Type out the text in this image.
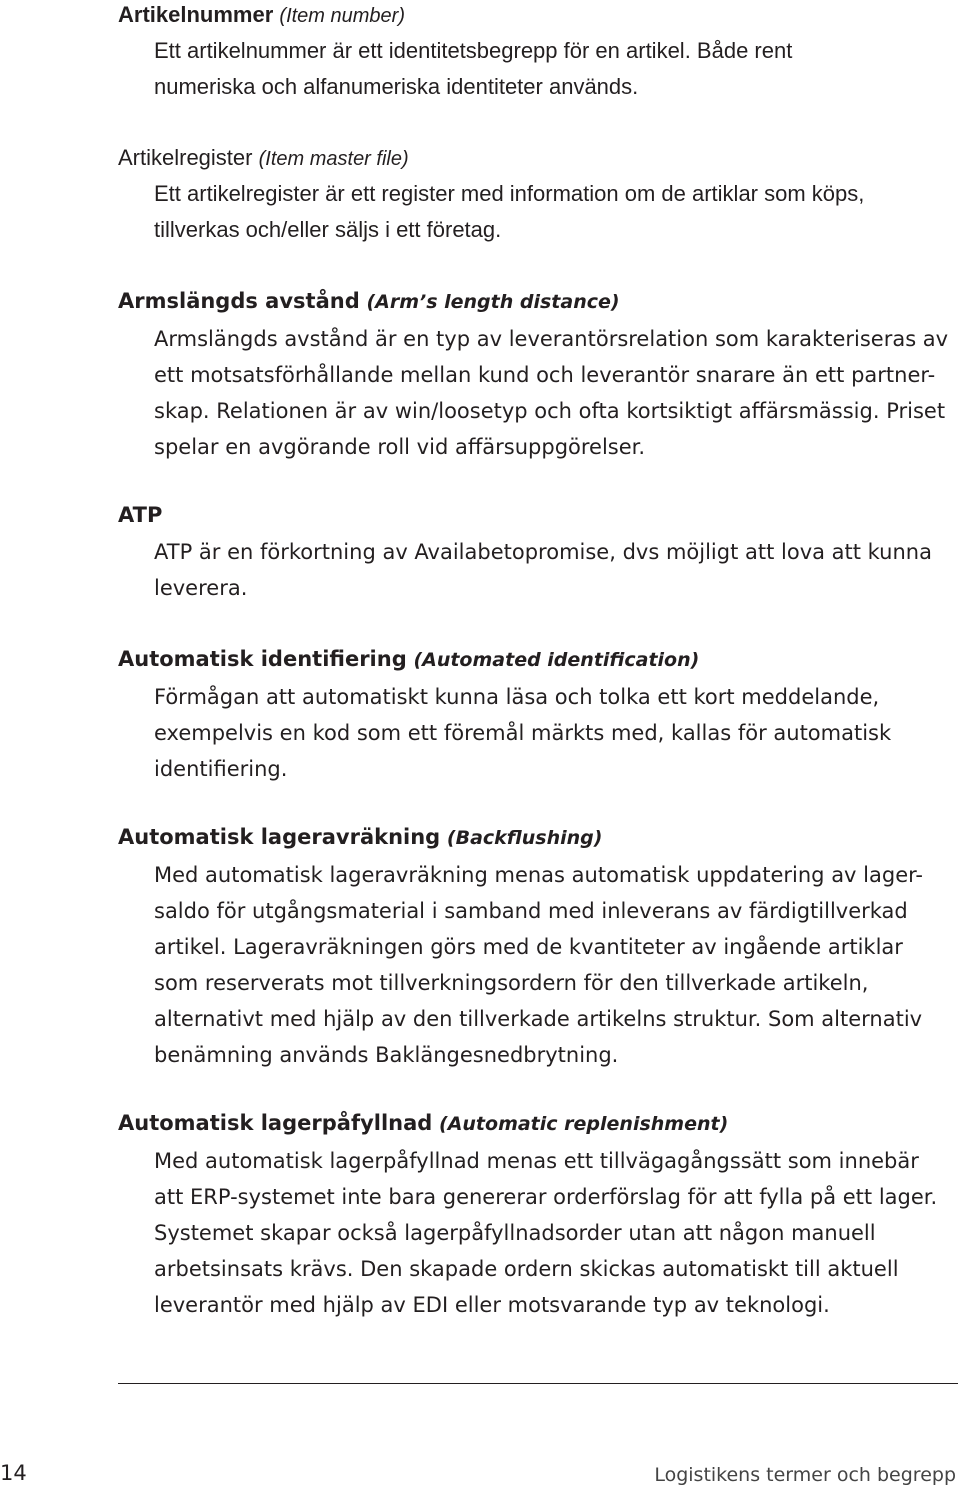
Artikelnummer (Item number)

Ett artikelnummer är ett identitetsbegrepp för en artikel. Både rent
numeriska och alfanumeriska identiteter används.

Artikelregister (Item master file)

Ett artikelregister är ett register med information om de artiklar som köps,
tillverkas och/eller säljs i ett företag.

Armslängds avstånd (Arm’s length distance)

Armslängds avstånd är en typ av leverantörsrelation som karakteriseras av
ett motsatsförhållande mellan kund och leverantör snarare än ett partner-
skap. Relationen är av win/loosetyp och ofta kortsiktigt affärsmässig. Priset
spelar en avgörande roll vid affärsuppgörelser.

ATP

ATP är en förkortning av Availabetopromise, dvs möjligt att lova att kunna
leverera.

Automatisk identifiering (Automated identification)

Förmågan att automatiskt kunna läsa och tolka ett kort meddelande,
exempelvis en kod som ett föremål märkts med, kallas för automatisk
identifiering.

Automatisk lageravräkning (Backflushing)

Med automatisk lageravräkning menas automatisk uppdatering av lager-
saldo för utgångsmaterial i samband med inleverans av färdigtillverkad
artikel. Lageravräkningen görs med de kvantiteter av ingående artiklar
som reserverats mot tillverkningsordern för den tillverkade artikeln,
alternativt med hjälp av den tillverkade artikelns struktur. Som alternativ
benämning används Baklängesnedbrytning.

Automatisk lagerpåfyllnad (Automatic replenishment)

Med automatisk lagerpåfyllnad menas ett tillvägagångssätt som innebär
att ERP-systemet inte bara genererar orderförslag för att fylla på ett lager.
Systemet skapar också lagerpåfyllnadsorder utan att någon manuell
arbetsinsats krävs. Den skapade ordern skickas automatiskt till aktuell
leverantör med hjälp av EDI eller motsvarande typ av teknologi.

14	Logistikens termer och begrepp
